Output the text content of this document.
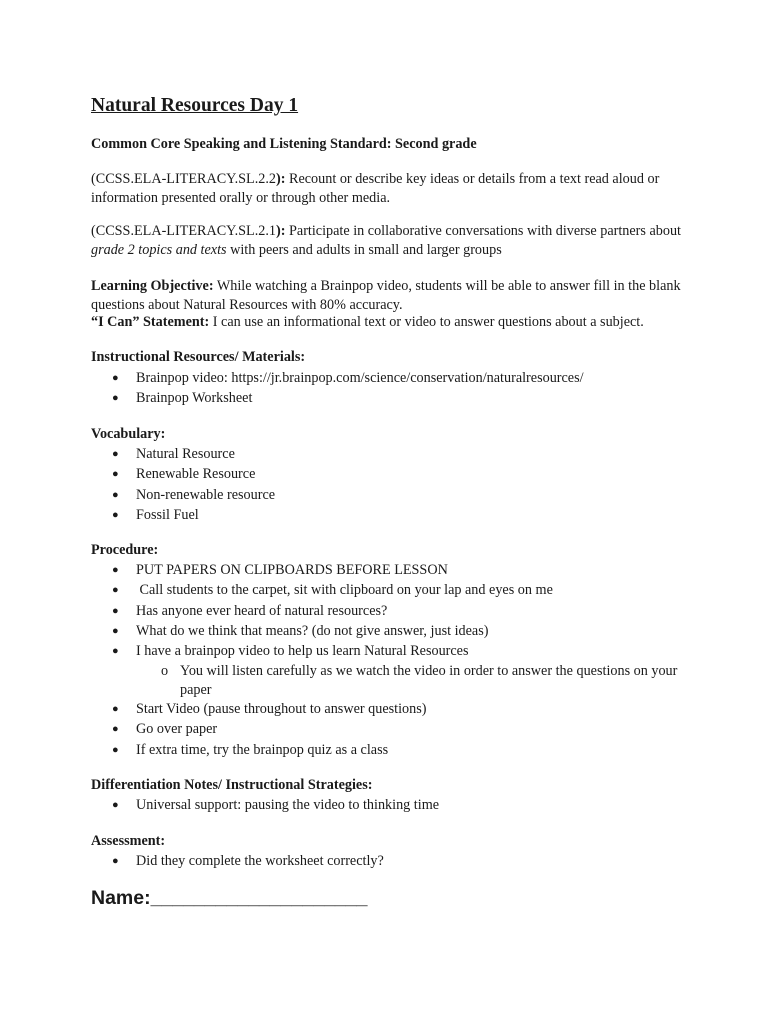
Natural Resources Day 1
Common Core Speaking and Listening Standard: Second grade
(CCSS.ELA-LITERACY.SL.2.2): Recount or describe key ideas or details from a text read aloud or information presented orally or through other media.
(CCSS.ELA-LITERACY.SL.2.1): Participate in collaborative conversations with diverse partners about grade 2 topics and texts with peers and adults in small and larger groups
Learning Objective: While watching a Brainpop video, students will be able to answer fill in the blank questions about Natural Resources with 80% accuracy.
“I Can” Statement: I can use an informational text or video to answer questions about a subject.
Instructional Resources/ Materials:
● Brainpop video: https://jr.brainpop.com/science/conservation/naturalresources/
● Brainpop Worksheet
Vocabulary:
● Natural Resource
● Renewable Resource
● Non-renewable resource
● Fossil Fuel
Procedure:
● PUT PAPERS ON CLIPBOARDS BEFORE LESSON
● Call students to the carpet, sit with clipboard on your lap and eyes on me
● Has anyone ever heard of natural resources?
● What do we think that means? (do not give answer, just ideas)
● I have a brainpop video to help us learn Natural Resources
o You will listen carefully as we watch the video in order to answer the questions on your paper
● Start Video (pause throughout to answer questions)
● Go over paper
● If extra time, try the brainpop quiz as a class
Differentiation Notes/ Instructional Strategies:
● Universal support: pausing the video to thinking time
Assessment:
● Did they complete the worksheet correctly?
Name:____________________
